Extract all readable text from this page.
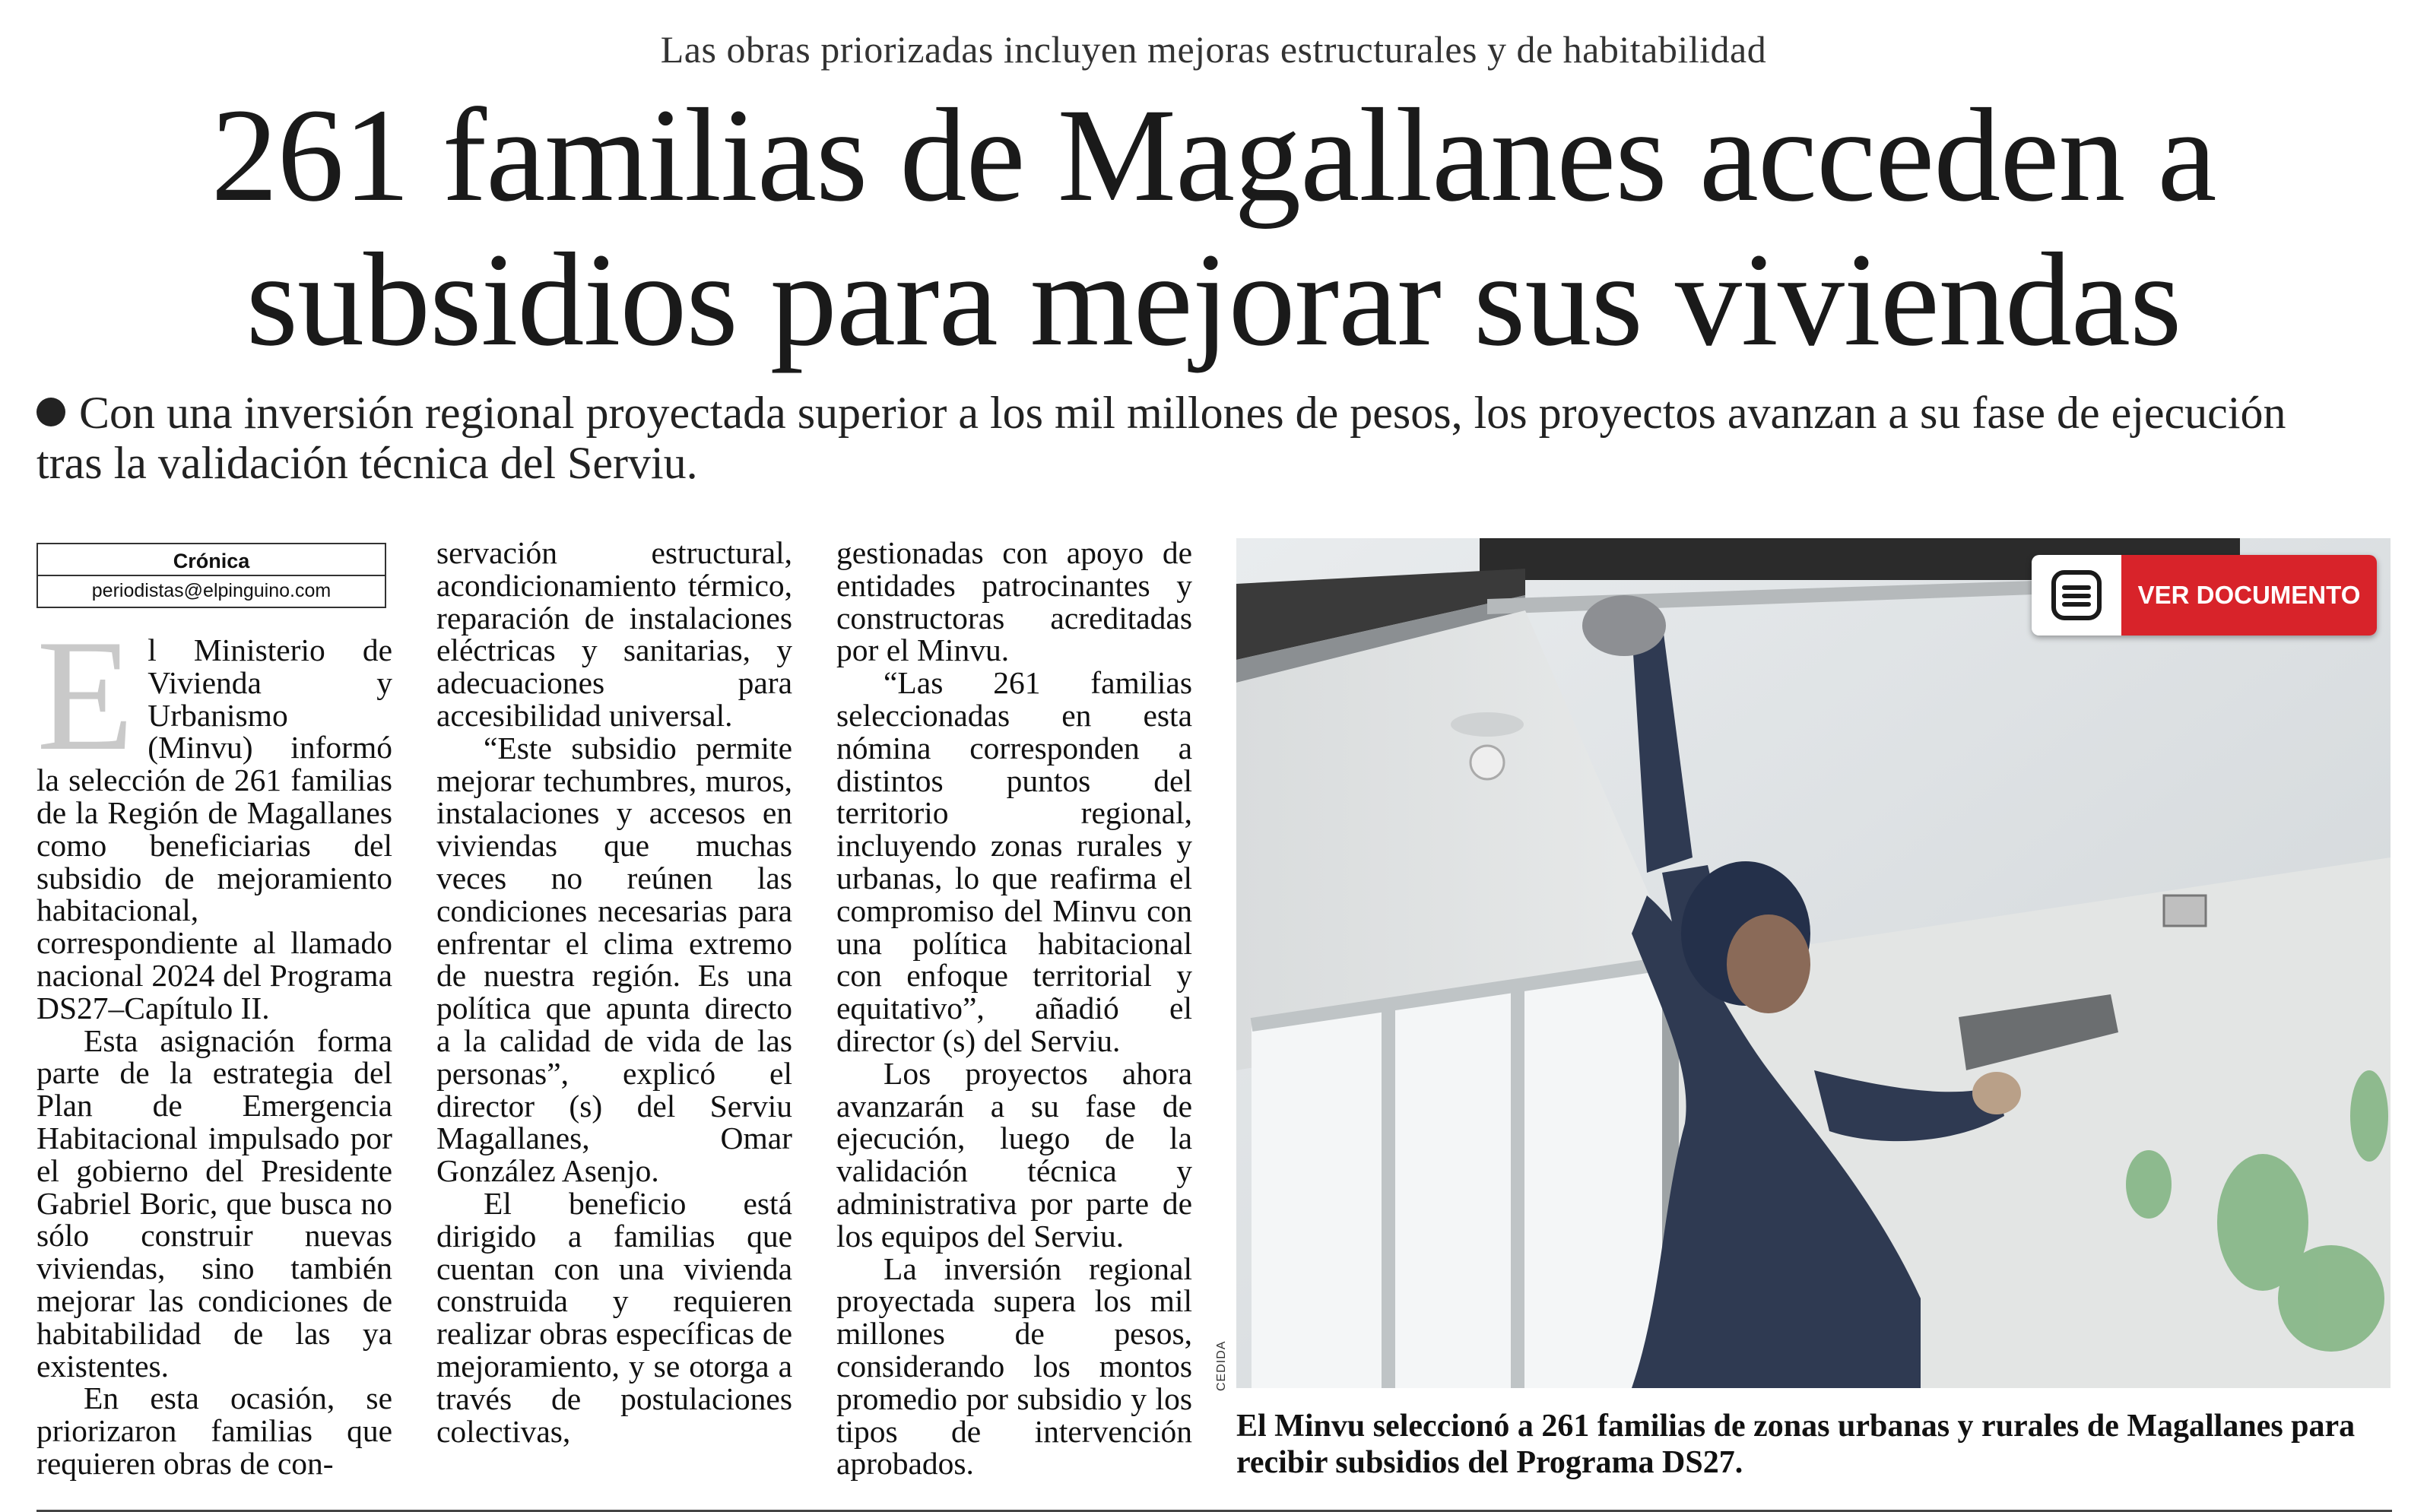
Las obras priorizadas incluyen mejoras estructurales y de habitabilidad
261 familias de Magallanes acceden a subsidios para mejorar sus viviendas
Con una inversión regional proyectada superior a los mil millones de pesos, los proyectos avanzan a su fase de ejecución tras la validación técnica del Serviu.
Crónica
periodistas@elpinguino.com

El Ministerio de Vivienda y Urbanismo (Minvu) informó la selección de 261 familias de la Región de Magallanes como beneficiarias del subsidio de mejoramiento habitacional, correspondiente al llamado nacional 2024 del Programa DS27–Capítulo II.

Esta asignación forma parte de la estrategia del Plan de Emergencia Habitacional impulsado por el gobierno del Presidente Gabriel Boric, que busca no sólo construir nuevas viviendas, sino también mejorar las condiciones de habitabilidad de las ya existentes.

En esta ocasión, se priorizaron familias que requieren obras de con-

servación estructural, acondicionamiento térmico, reparación de instalaciones eléctricas y sanitarias, y adecuaciones para accesibilidad universal.

“Este subsidio permite mejorar techumbres, muros, instalaciones y accesos en viviendas que muchas veces no reúnen las condiciones necesarias para enfrentar el clima extremo de nuestra región. Es una política que apunta directo a la calidad de vida de las personas”, explicó el director (s) del Serviu Magallanes, Omar González Asenjo.

El beneficio está dirigido a familias que cuentan con una vivienda construida y requieren realizar obras específicas de mejoramiento, y se otorga a través de postulaciones colectivas,

gestionadas con apoyo de entidades patrocinantes y constructoras acreditadas por el Minvu.

“Las 261 familias seleccionadas en esta nómina corresponden a distintos puntos del territorio regional, incluyendo zonas rurales y urbanas, lo que reafirma el compromiso del Minvu con una política habitacional con enfoque territorial y equitativo”, añadió el director (s) del Serviu.

Los proyectos ahora avanzarán a su fase de ejecución, luego de la validación técnica y administrativa por parte de los equipos del Serviu.

La inversión regional proyectada supera los mil millones de pesos, considerando los montos promedio por subsidio y los tipos de intervención aprobados.

CEDIDA
VER DOCUMENTO
El Minvu seleccionó a 261 familias de zonas urbanas y rurales de Magallanes para recibir subsidios del Programa DS27.
